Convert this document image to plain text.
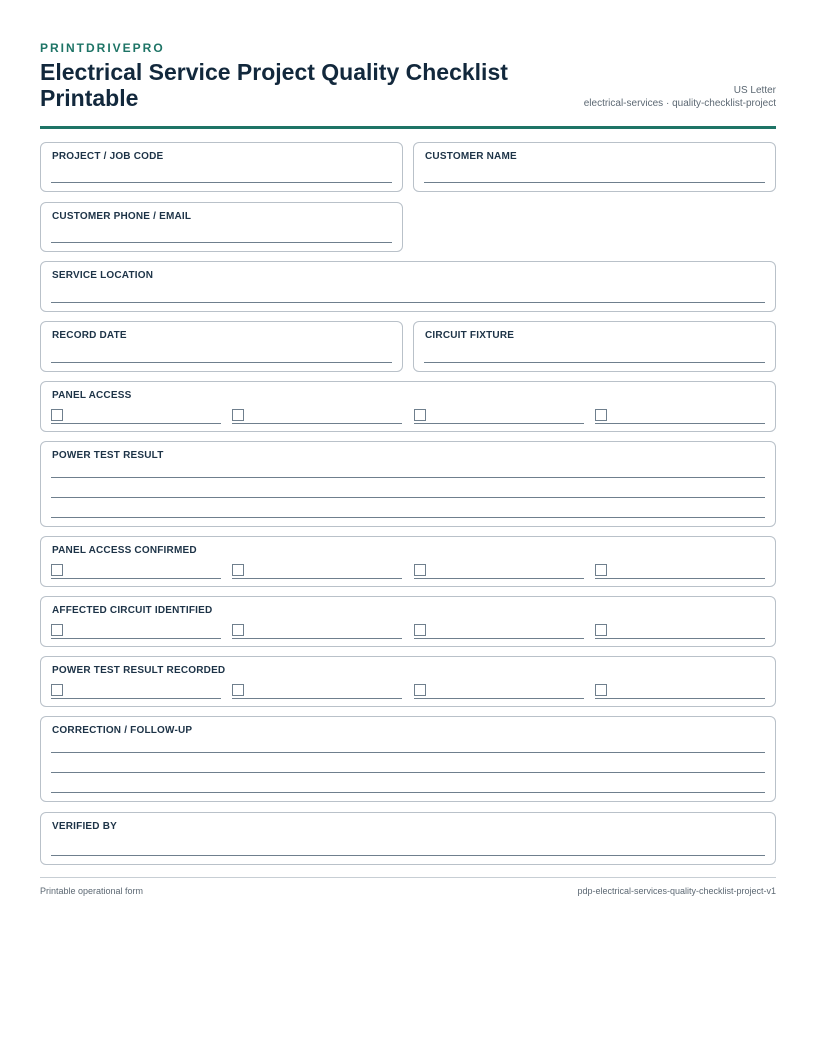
PRINTDRIVEPRO
Electrical Service Project Quality Checklist Printable	US Letter
electrical-services · quality-checklist-project
PROJECT / JOB CODE	CUSTOMER NAME
CUSTOMER PHONE / EMAIL
SERVICE LOCATION
RECORD DATE	CIRCUIT FIXTURE
PANEL ACCESS
POWER TEST RESULT
PANEL ACCESS CONFIRMED
AFFECTED CIRCUIT IDENTIFIED
POWER TEST RESULT RECORDED
CORRECTION / FOLLOW-UP
VERIFIED BY
Printable operational form	pdp-electrical-services-quality-checklist-project-v1
